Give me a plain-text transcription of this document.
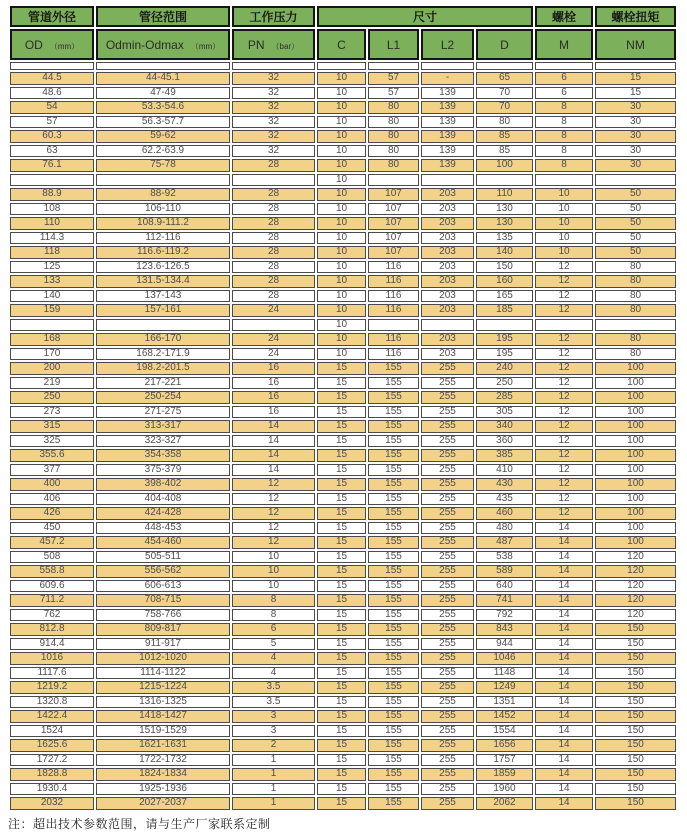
管道外径	管径范围	工作压力	尺寸				螺栓	螺栓扭矩
OD （mm）	Odmin-Odmax （mm）	PN （bar）	C	L1	L2	D	M	NM

44.5	44-45.1	32	10	57	-	65	6	15
48.6	47-49	32	10	57	139	70	6	15
54	53.3-54.6	32	10	80	139	70	8	30
57	56.3-57.7	32	10	80	139	80	8	30
60.3	59-62	32	10	80	139	85	8	30
63	62.2-63.9	32	10	80	139	85	8	30
76.1	75-78	28	10	80	139	100	8	30
			10					
88.9	88-92	28	10	107	203	110	10	50
108	106-110	28	10	107	203	130	10	50
110	108.9-111.2	28	10	107	203	130	10	50
114.3	112-116	28	10	107	203	135	10	50
118	116.6-119.2	28	10	107	203	140	10	50
125	123.6-126.5	28	10	116	203	150	12	80
133	131.5-134.4	28	10	116	203	160	12	80
140	137-143	28	10	116	203	165	12	80
159	157-161	24	10	116	203	185	12	80
			10					
168	166-170	24	10	116	203	195	12	80
170	168.2-171.9	24	10	116	203	195	12	80
200	198.2-201.5	16	15	155	255	240	12	100
219	217-221	16	15	155	255	250	12	100
250	250-254	16	15	155	255	285	12	100
273	271-275	16	15	155	255	305	12	100
315	313-317	14	15	155	255	340	12	100
325	323-327	14	15	155	255	360	12	100
355.6	354-358	14	15	155	255	385	12	100
377	375-379	14	15	155	255	410	12	100
400	398-402	12	15	155	255	430	12	100
406	404-408	12	15	155	255	435	12	100
426	424-428	12	15	155	255	460	12	100
450	448-453	12	15	155	255	480	14	100
457.2	454-460	12	15	155	255	487	14	100
508	505-511	10	15	155	255	538	14	120
558.8	556-562	10	15	155	255	589	14	120
609.6	606-613	10	15	155	255	640	14	120
711.2	708-715	8	15	155	255	741	14	120
762	758-766	8	15	155	255	792	14	120
812.8	809-817	6	15	155	255	843	14	150
914.4	911-917	5	15	155	255	944	14	150
1016	1012-1020	4	15	155	255	1046	14	150
1117.6	1114-1122	4	15	155	255	1148	14	150
1219.2	1215-1224	3.5	15	155	255	1249	14	150
1320.8	1316-1325	3.5	15	155	255	1351	14	150
1422.4	1418-1427	3	15	155	255	1452	14	150
1524	1519-1529	3	15	155	255	1554	14	150
1625.6	1621-1631	2	15	155	255	1656	14	150
1727.2	1722-1732	1	15	155	255	1757	14	150
1828.8	1824-1834	1	15	155	255	1859	14	150
1930.4	1925-1936	1	15	155	255	1960	14	150
2032	2027-2037	1	15	155	255	2062	14	150
注：超出技术参数范围，请与生产厂家联系定制
